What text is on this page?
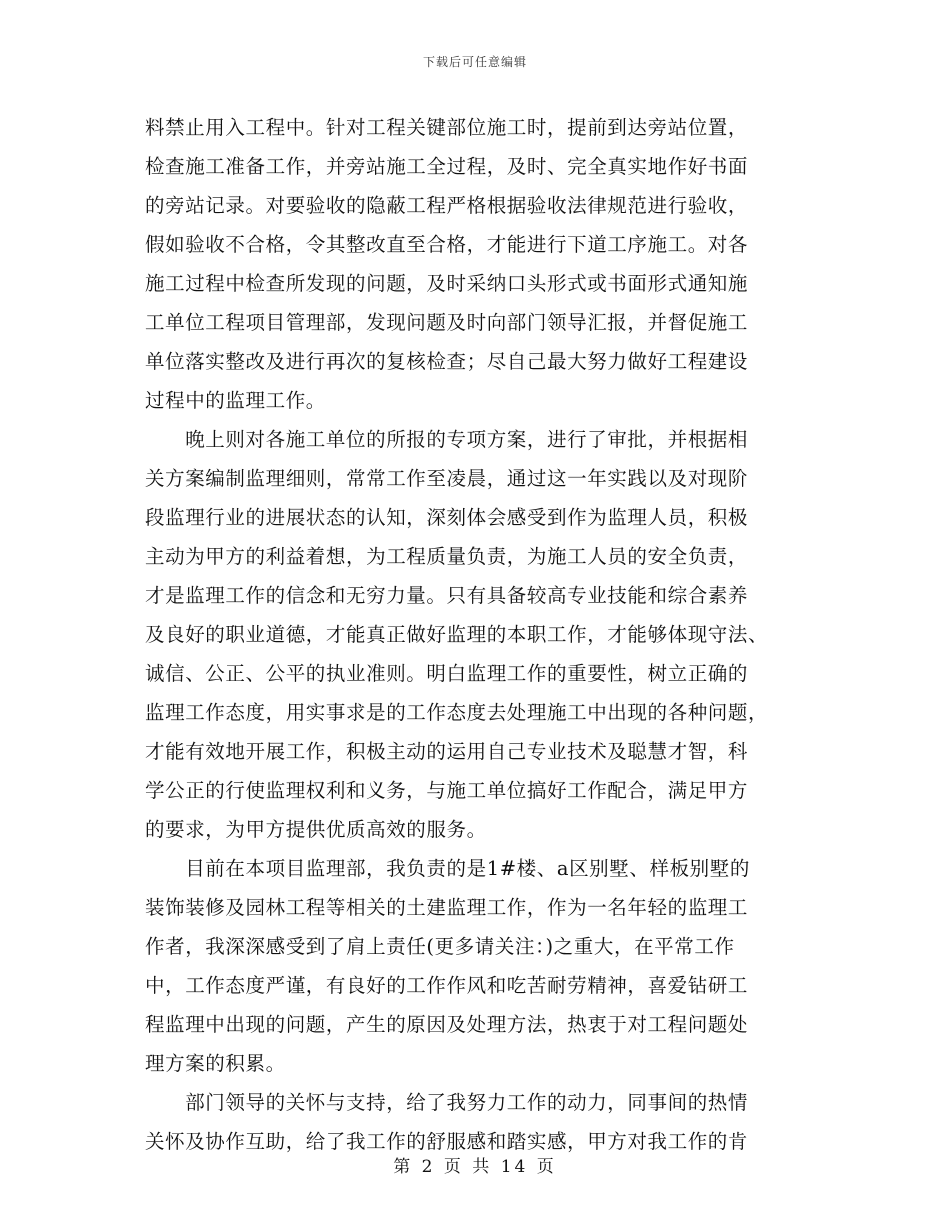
下载后可任意编辑
料禁止用入工程中。针对工程关键部位施工时，提前到达旁站位置，
检查施工准备工作，并旁站施工全过程，及时、完全真实地作好书面
的旁站记录。对要验收的隐蔽工程严格根据验收法律规范进行验收，
假如验收不合格，令其整改直至合格，才能进行下道工序施工。对各
施工过程中检查所发现的问题，及时采纳口头形式或书面形式通知施
工单位工程项目管理部，发现问题及时向部门领导汇报，并督促施工
单位落实整改及进行再次的复核检查；尽自己最大努力做好工程建设
过程中的监理工作。
　　晚上则对各施工单位的所报的专项方案，进行了审批，并根据相
关方案编制监理细则，常常工作至凌晨，通过这一年实践以及对现阶
段监理行业的进展状态的认知，深刻体会感受到作为监理人员，积极
主动为甲方的利益着想，为工程质量负责，为施工人员的安全负责，
才是监理工作的信念和无穷力量。只有具备较高专业技能和综合素养
及良好的职业道德，才能真正做好监理的本职工作，才能够体现守法、
诚信、公正、公平的执业准则。明白监理工作的重要性，树立正确的
监理工作态度，用实事求是的工作态度去处理施工中出现的各种问题，
才能有效地开展工作，积极主动的运用自己专业技术及聪慧才智，科
学公正的行使监理权利和义务，与施工单位搞好工作配合，满足甲方
的要求，为甲方提供优质高效的服务。
　　目前在本项目监理部，我负责的是1#楼、a区别墅、样板别墅的
装饰装修及园林工程等相关的土建监理工作，作为一名年轻的监理工
作者，我深深感受到了肩上责任(更多请关注：)之重大，在平常工作
中，工作态度严谨，有良好的工作作风和吃苦耐劳精神，喜爱钻研工
程监理中出现的问题，产生的原因及处理方法，热衷于对工程问题处
理方案的积累。
　　部门领导的关怀与支持，给了我努力工作的动力，同事间的热情
关怀及协作互助，给了我工作的舒服感和踏实感，甲方对我工作的肯
第 2 页 共 14 页
